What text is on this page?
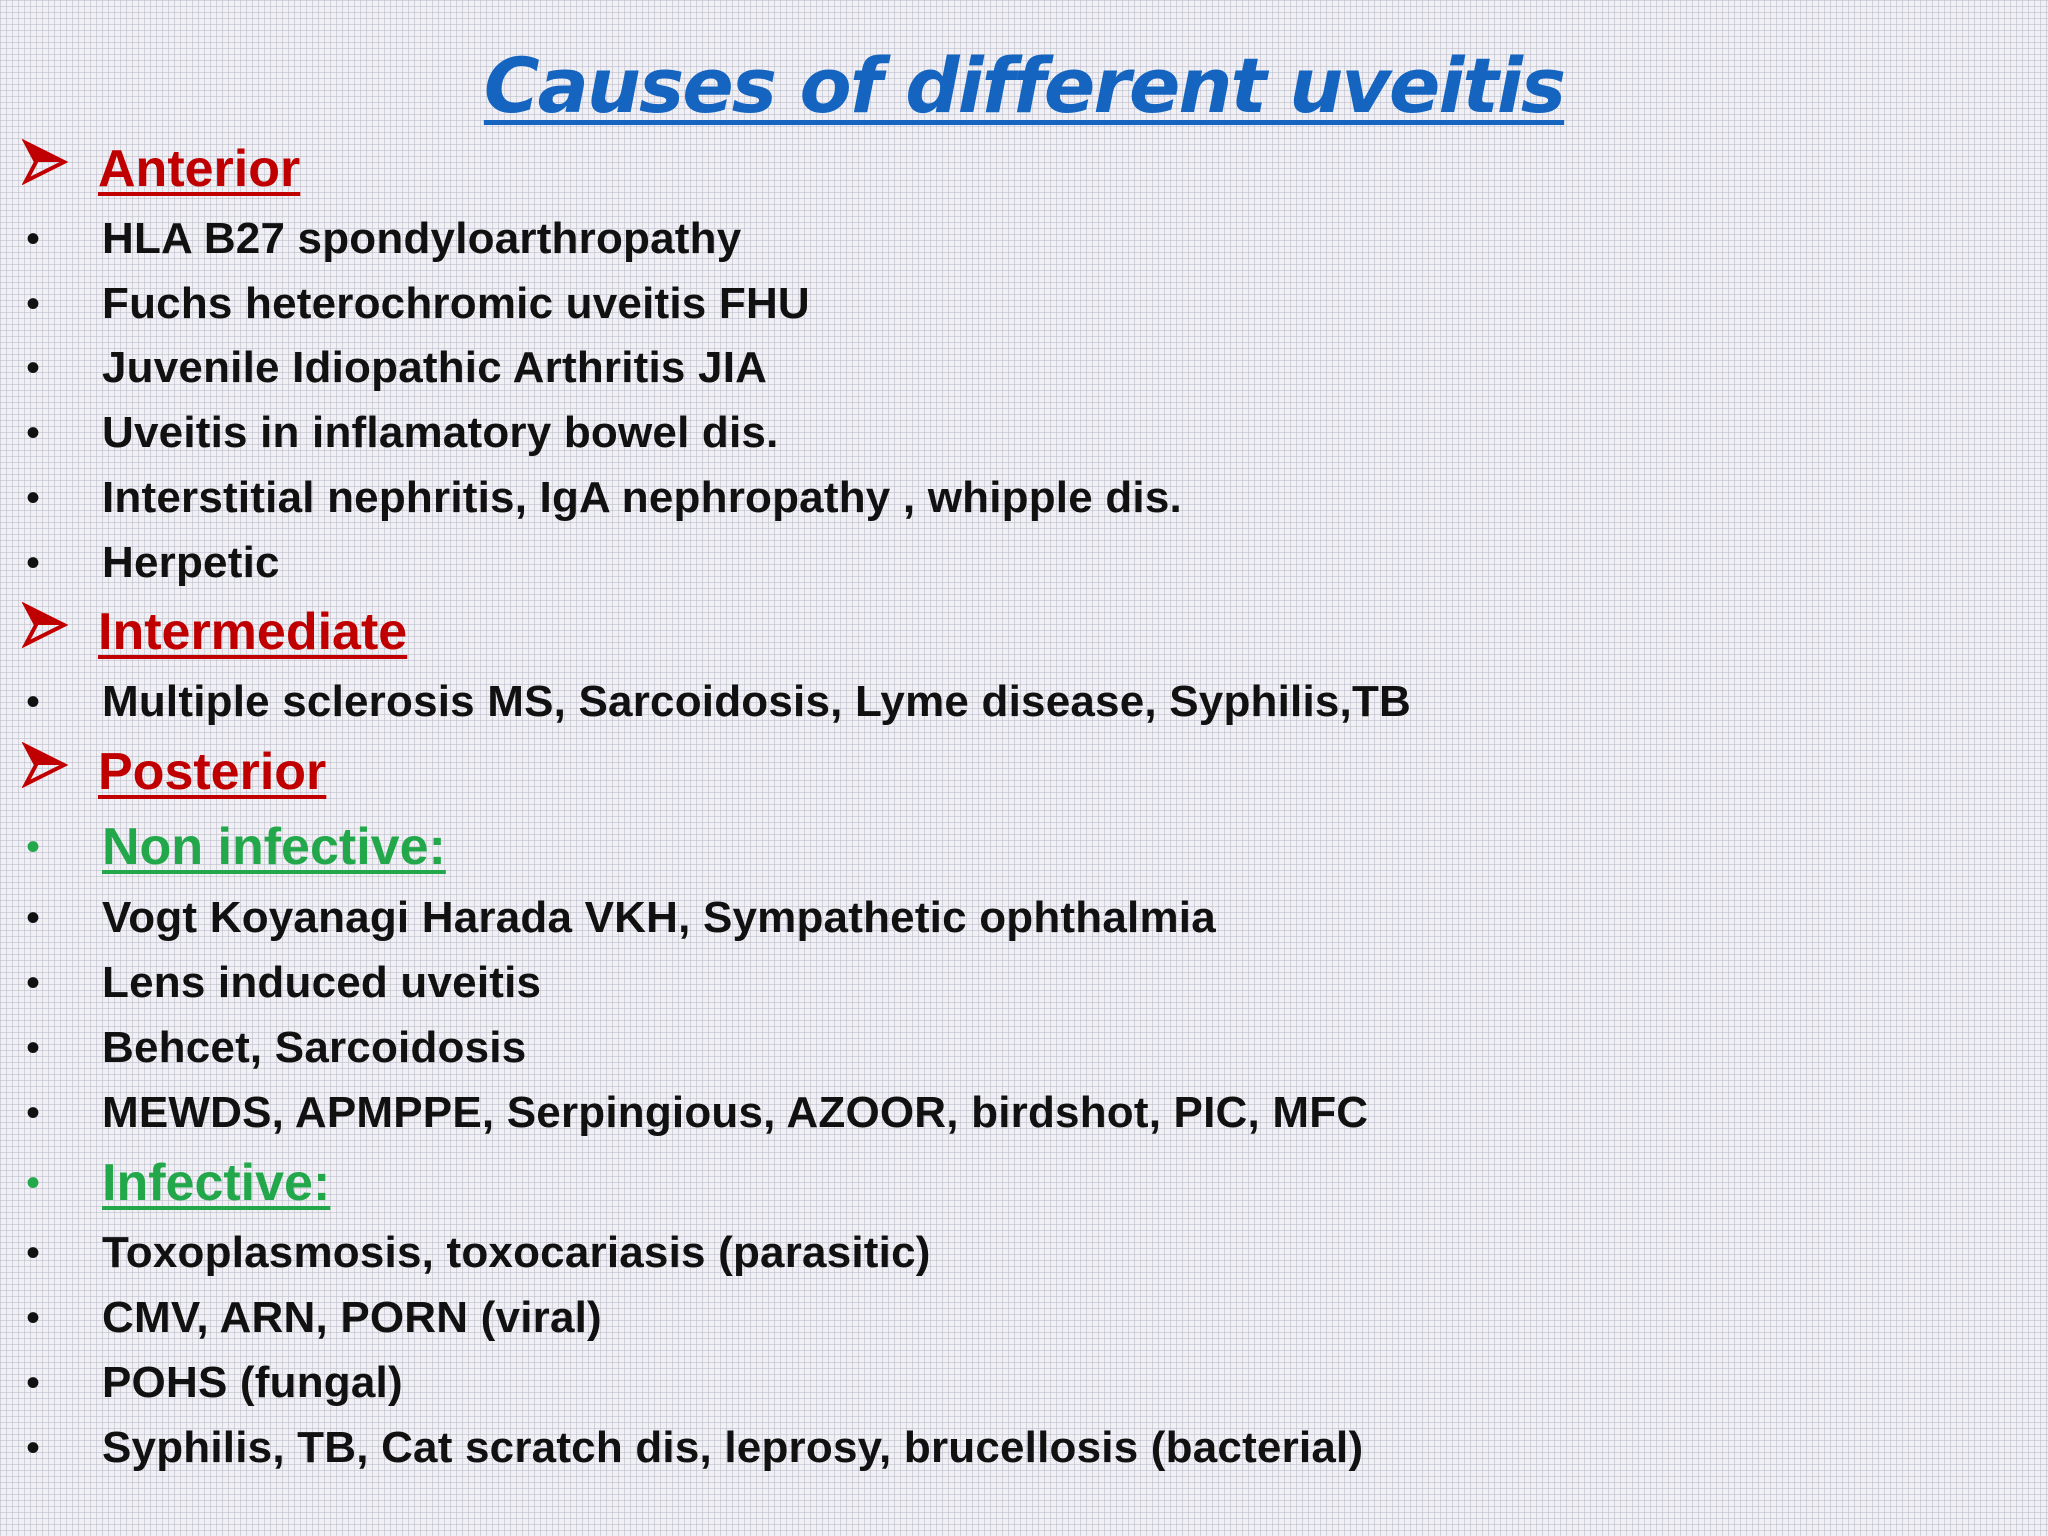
Causes of different uveitis
Anterior
•	HLA B27 spondyloarthropathy
•	Fuchs heterochromic uveitis FHU
•	Juvenile Idiopathic Arthritis JIA
•	Uveitis in inflamatory bowel dis.
•	Interstitial nephritis, IgA nephropathy , whipple dis.
•	Herpetic
Intermediate
•	Multiple sclerosis MS, Sarcoidosis, Lyme disease, Syphilis,TB
Posterior
•	Non infective:
•	Vogt Koyanagi Harada VKH, Sympathetic ophthalmia
•	Lens induced uveitis
•	Behcet, Sarcoidosis
•	MEWDS, APMPPE, Serpingious, AZOOR, birdshot, PIC, MFC
•	Infective:
•	Toxoplasmosis, toxocariasis (parasitic)
•	CMV, ARN, PORN (viral)
•	POHS (fungal)
•	Syphilis, TB, Cat scratch dis, leprosy, brucellosis (bacterial)
